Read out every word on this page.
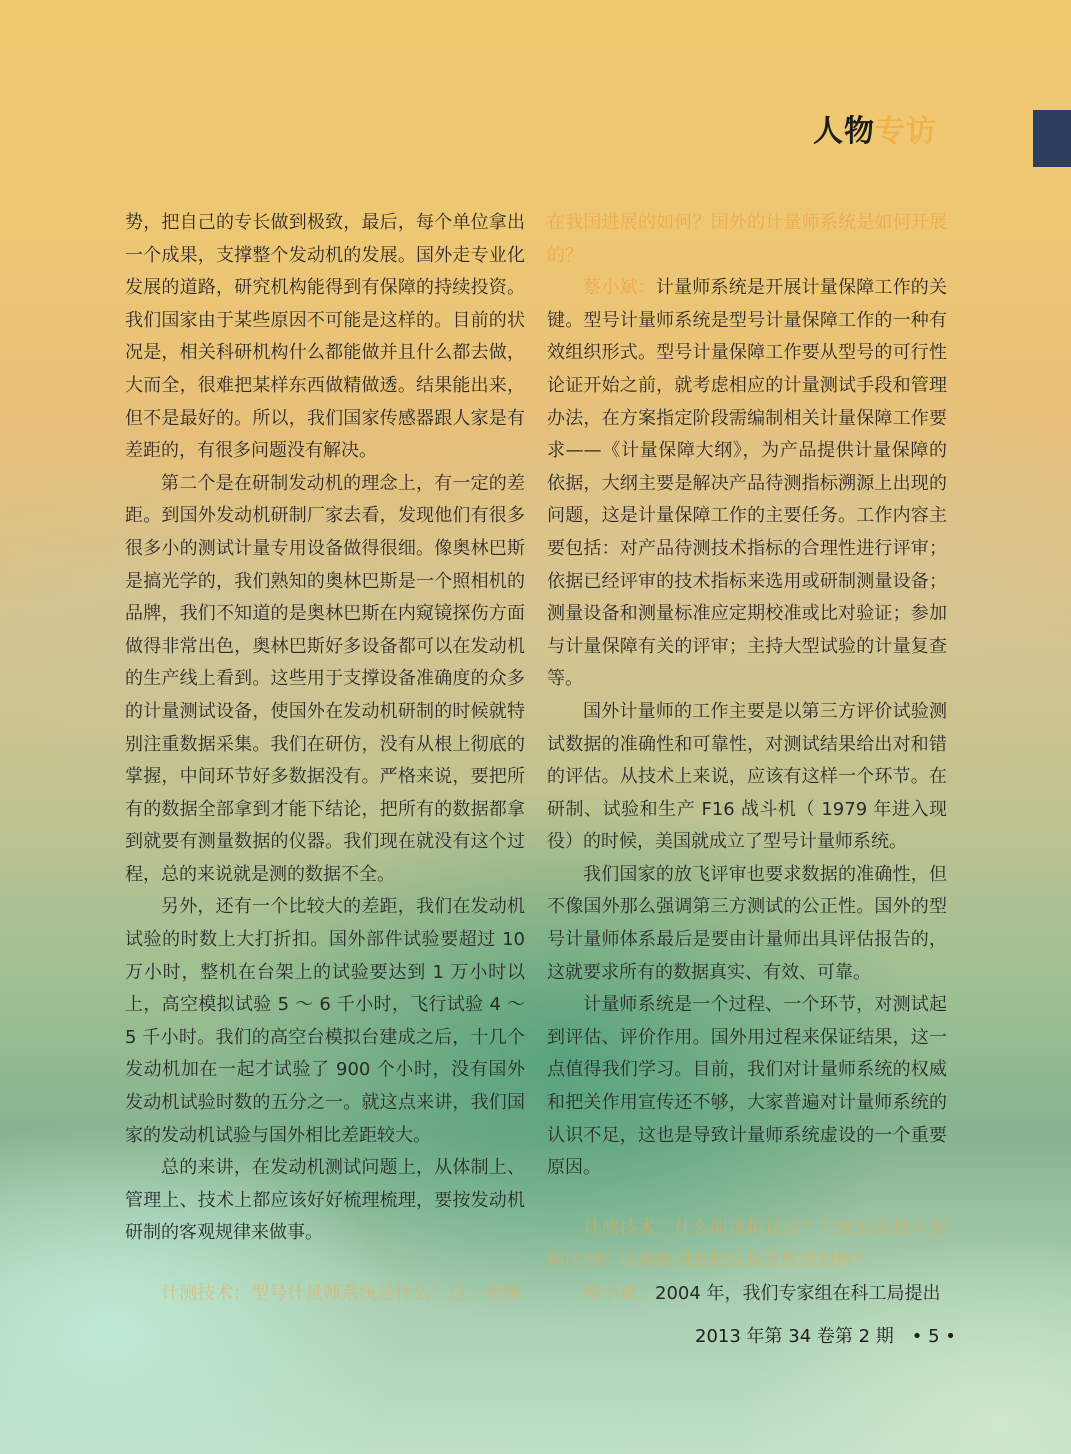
人物专访

势，把自己的专长做到极致，最后，每个单位拿出一个成果，支撑整个发动机的发展。国外走专业化发展的道路，研究机构能得到有保障的持续投资。我们国家由于某些原因不可能是这样的。目前的状况是，相关科研机构什么都能做并且什么都去做，大而全，很难把某样东西做精做透。结果能出来，但不是最好的。所以，我们国家传感器跟人家是有差距的，有很多问题没有解决。

第二个是在研制发动机的理念上，有一定的差距。到国外发动机研制厂家去看，发现他们有很多很多小的测试计量专用设备做得很细。像奥林巴斯是搞光学的，我们熟知的奥林巴斯是一个照相机的品牌，我们不知道的是奥林巴斯在内窥镜探伤方面做得非常出色，奥林巴斯好多设备都可以在发动机的生产线上看到。这些用于支撑设备准确度的众多的计量测试设备，使国外在发动机研制的时候就特别注重数据采集。我们在研仿，没有从根上彻底的掌握，中间环节好多数据没有。严格来说，要把所有的数据全部拿到才能下结论，把所有的数据都拿到就要有测量数据的仪器。我们现在就没有这个过程，总的来说就是测的数据不全。

另外，还有一个比较大的差距，我们在发动机试验的时数上大打折扣。国外部件试验要超过 10 万小时，整机在台架上的试验要达到 1 万小时以上，高空模拟试验 5 ～ 6 千小时，飞行试验 4 ～ 5 千小时。我们的高空台模拟台建成之后，十几个发动机加在一起才试验了 900 个小时，没有国外发动机试验时数的五分之一。就这点来讲，我们国家的发动机试验与国外相比差距较大。

总的来讲，在发动机测试问题上，从体制上、管理上、技术上都应该好好梳理梳理，要按发动机研制的客观规律来做事。

计测技术：型号计量师系统是什么？这一系统

在我国进展的如何？国外的计量师系统是如何开展的？

蔡小斌：计量师系统是开展计量保障工作的关键。型号计量师系统是型号计量保障工作的一种有效组织形式。型号计量保障工作要从型号的可行性论证开始之前，就考虑相应的计量测试手段和管理办法，在方案指定阶段需编制相关计量保障工作要求——《计量保障大纲》，为产品提供计量保障的依据，大纲主要是解决产品待测指标溯源上出现的问题，这是计量保障工作的主要任务。工作内容主要包括：对产品待测技术指标的合理性进行评审；依据已经评审的技术指标来选用或研制测量设备；测量设备和测量标准应定期校准或比对验证；参加与计量保障有关的评审；主持大型试验的计量复查等。

国外计量师的工作主要是以第三方评价试验测试数据的准确性和可靠性，对测试结果给出对和错的评估。从技术上来说，应该有这样一个环节。在研制、试验和生产 F16 战斗机（ 1979 年进入现役）的时候，美国就成立了型号计量师系统。

我们国家的放飞评审也要求数据的准确性，但不像国外那么强调第三方测试的公正性。国外的型号计量师体系最后是要由计量师出具评估报告的，这就要求所有的数据真实、有效、可靠。

计量师系统是一个过程、一个环节，对测试起到评估、评价作用。国外用过程来保证结果，这一点值得我们学习。目前，我们对计量师系统的权威和把关作用宣传还不够，大家普遍对计量师系统的认识不足，这也是导致计量师系统虚设的一个重要原因。

计测技术：什么叫虚拟试验？它和仿真技术有何区别？目前我国虚拟试验发展的如何？

蔡小斌：2004 年，我们专家组在科工局提出

2013 年第 34 卷第 2 期　• 5 •
